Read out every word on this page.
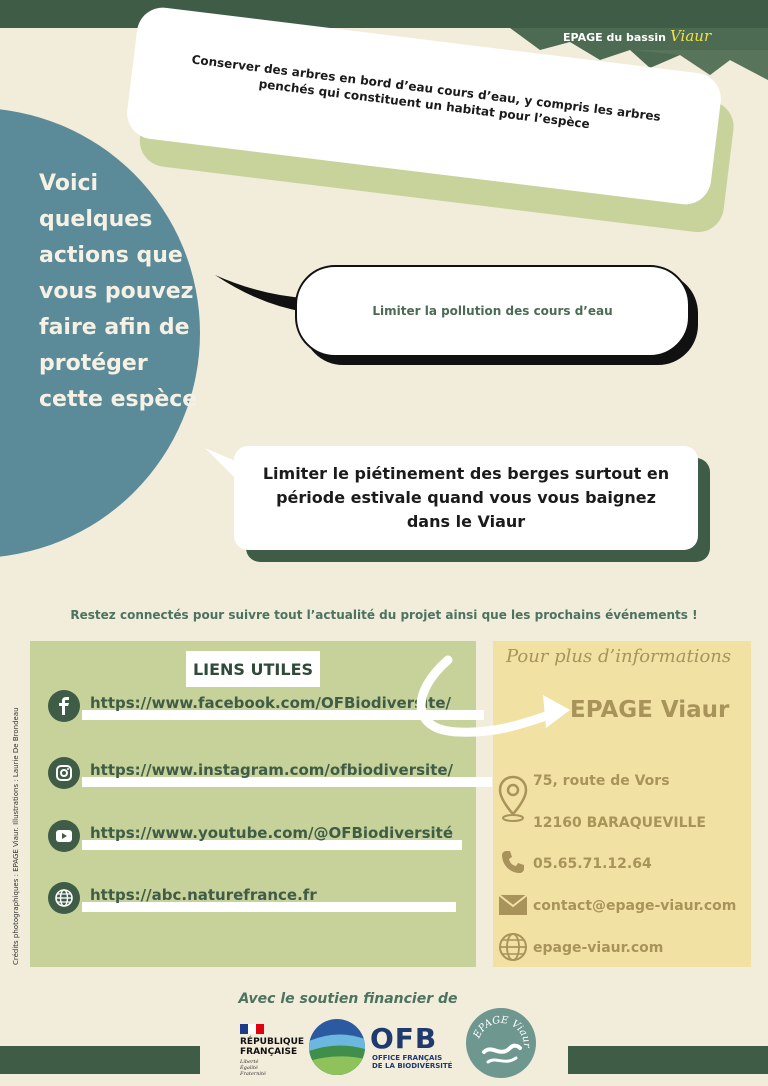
EPAGE du bassin Viaur
Voici quelques actions que vous pouvez faire afin de protéger cette espèce
Conserver des arbres en bord d’eau cours d’eau, y compris les arbres penchés qui constituent un habitat pour l’espèce
Limiter la pollution des cours d’eau
Limiter le piétinement des berges surtout en période estivale quand vous vous baignez dans le Viaur
Restez connectés pour suivre tout l’actualité du projet ainsi que les prochains événements !
LIENS UTILES
https://www.facebook.com/OFBiodiversite/
https://www.instagram.com/ofbiodiversite/
https://www.youtube.com/@OFBiodiversité
https://abc.naturefrance.fr
Pour plus d’informations
EPAGE Viaur
75, route de Vors
12160 BARAQUEVILLE
05.65.71.12.64
contact@epage-viaur.com
epage-viaur.com
Crédits photographiques : EPAGE Viaur. Illustrations : Laurie De Brondeau
Avec le soutien financier de
RÉPUBLIQUE
FRANÇAISE
Liberté
Égalité
Fraternité
OFB
OFFICE FRANÇAIS
DE LA BIODIVERSITÉ
EPAGE Viaur
